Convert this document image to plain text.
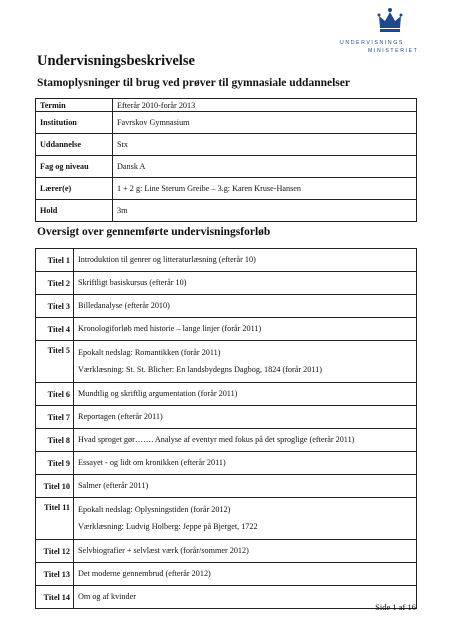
UNDERVISNINGS
MINISTERIET
Undervisningsbeskrivelse
Stamoplysninger til brug ved prøver til gymnasiale uddannelser
Termin	Efterår 2010-forår 2013
Institution	Favrskov Gymnasium
Uddannelse	Stx
Fag og niveau	Dansk A
Lærer(e)	1 + 2 g: Line Sterum Greibe – 3.g: Karen Kruse-Hansen
Hold	3m
Oversigt over gennemførte undervisningsforløb
Titel 1	Introduktion til genrer og litteraturlæsning (efterår 10)

Titel 2	Skriftligt basiskursus (efterår 10)

Titel 3	Billedanalyse (efterår 2010)

Titel 4	Kronologiforløb med historie – lange linjer (forår 2011)

Titel 5	Epokalt nedslag: Romantikken (forår 2011)
Værklæsning: St. St. Blicher: En landsbydegns Dagbog, 1824 (forår 2011)

Titel 6	Mundtlig og skriftlig argumentation (forår 2011)

Titel 7	Reportagen (efterår 2011)

Titel 8	Hvad sproget gør……. Analyse af eventyr med fokus på det sproglige (efterår 2011)

Titel 9	Essayet - og lidt om kronikken (efterår 2011)

Titel 10	Salmer (efterår 2011)

Titel 11	Epokalt nedslag: Oplysningstiden (forår 2012)
Værklæsning: Ludvig Holberg: Jeppe på Bjerget, 1722

Titel 12	Selvbiografier + selvlæst værk (forår/sommer 2012)

Titel 13	Det moderne gennembrud (efterår 2012)

Titel 14	Om og af kvinder
Side 1 af 16
